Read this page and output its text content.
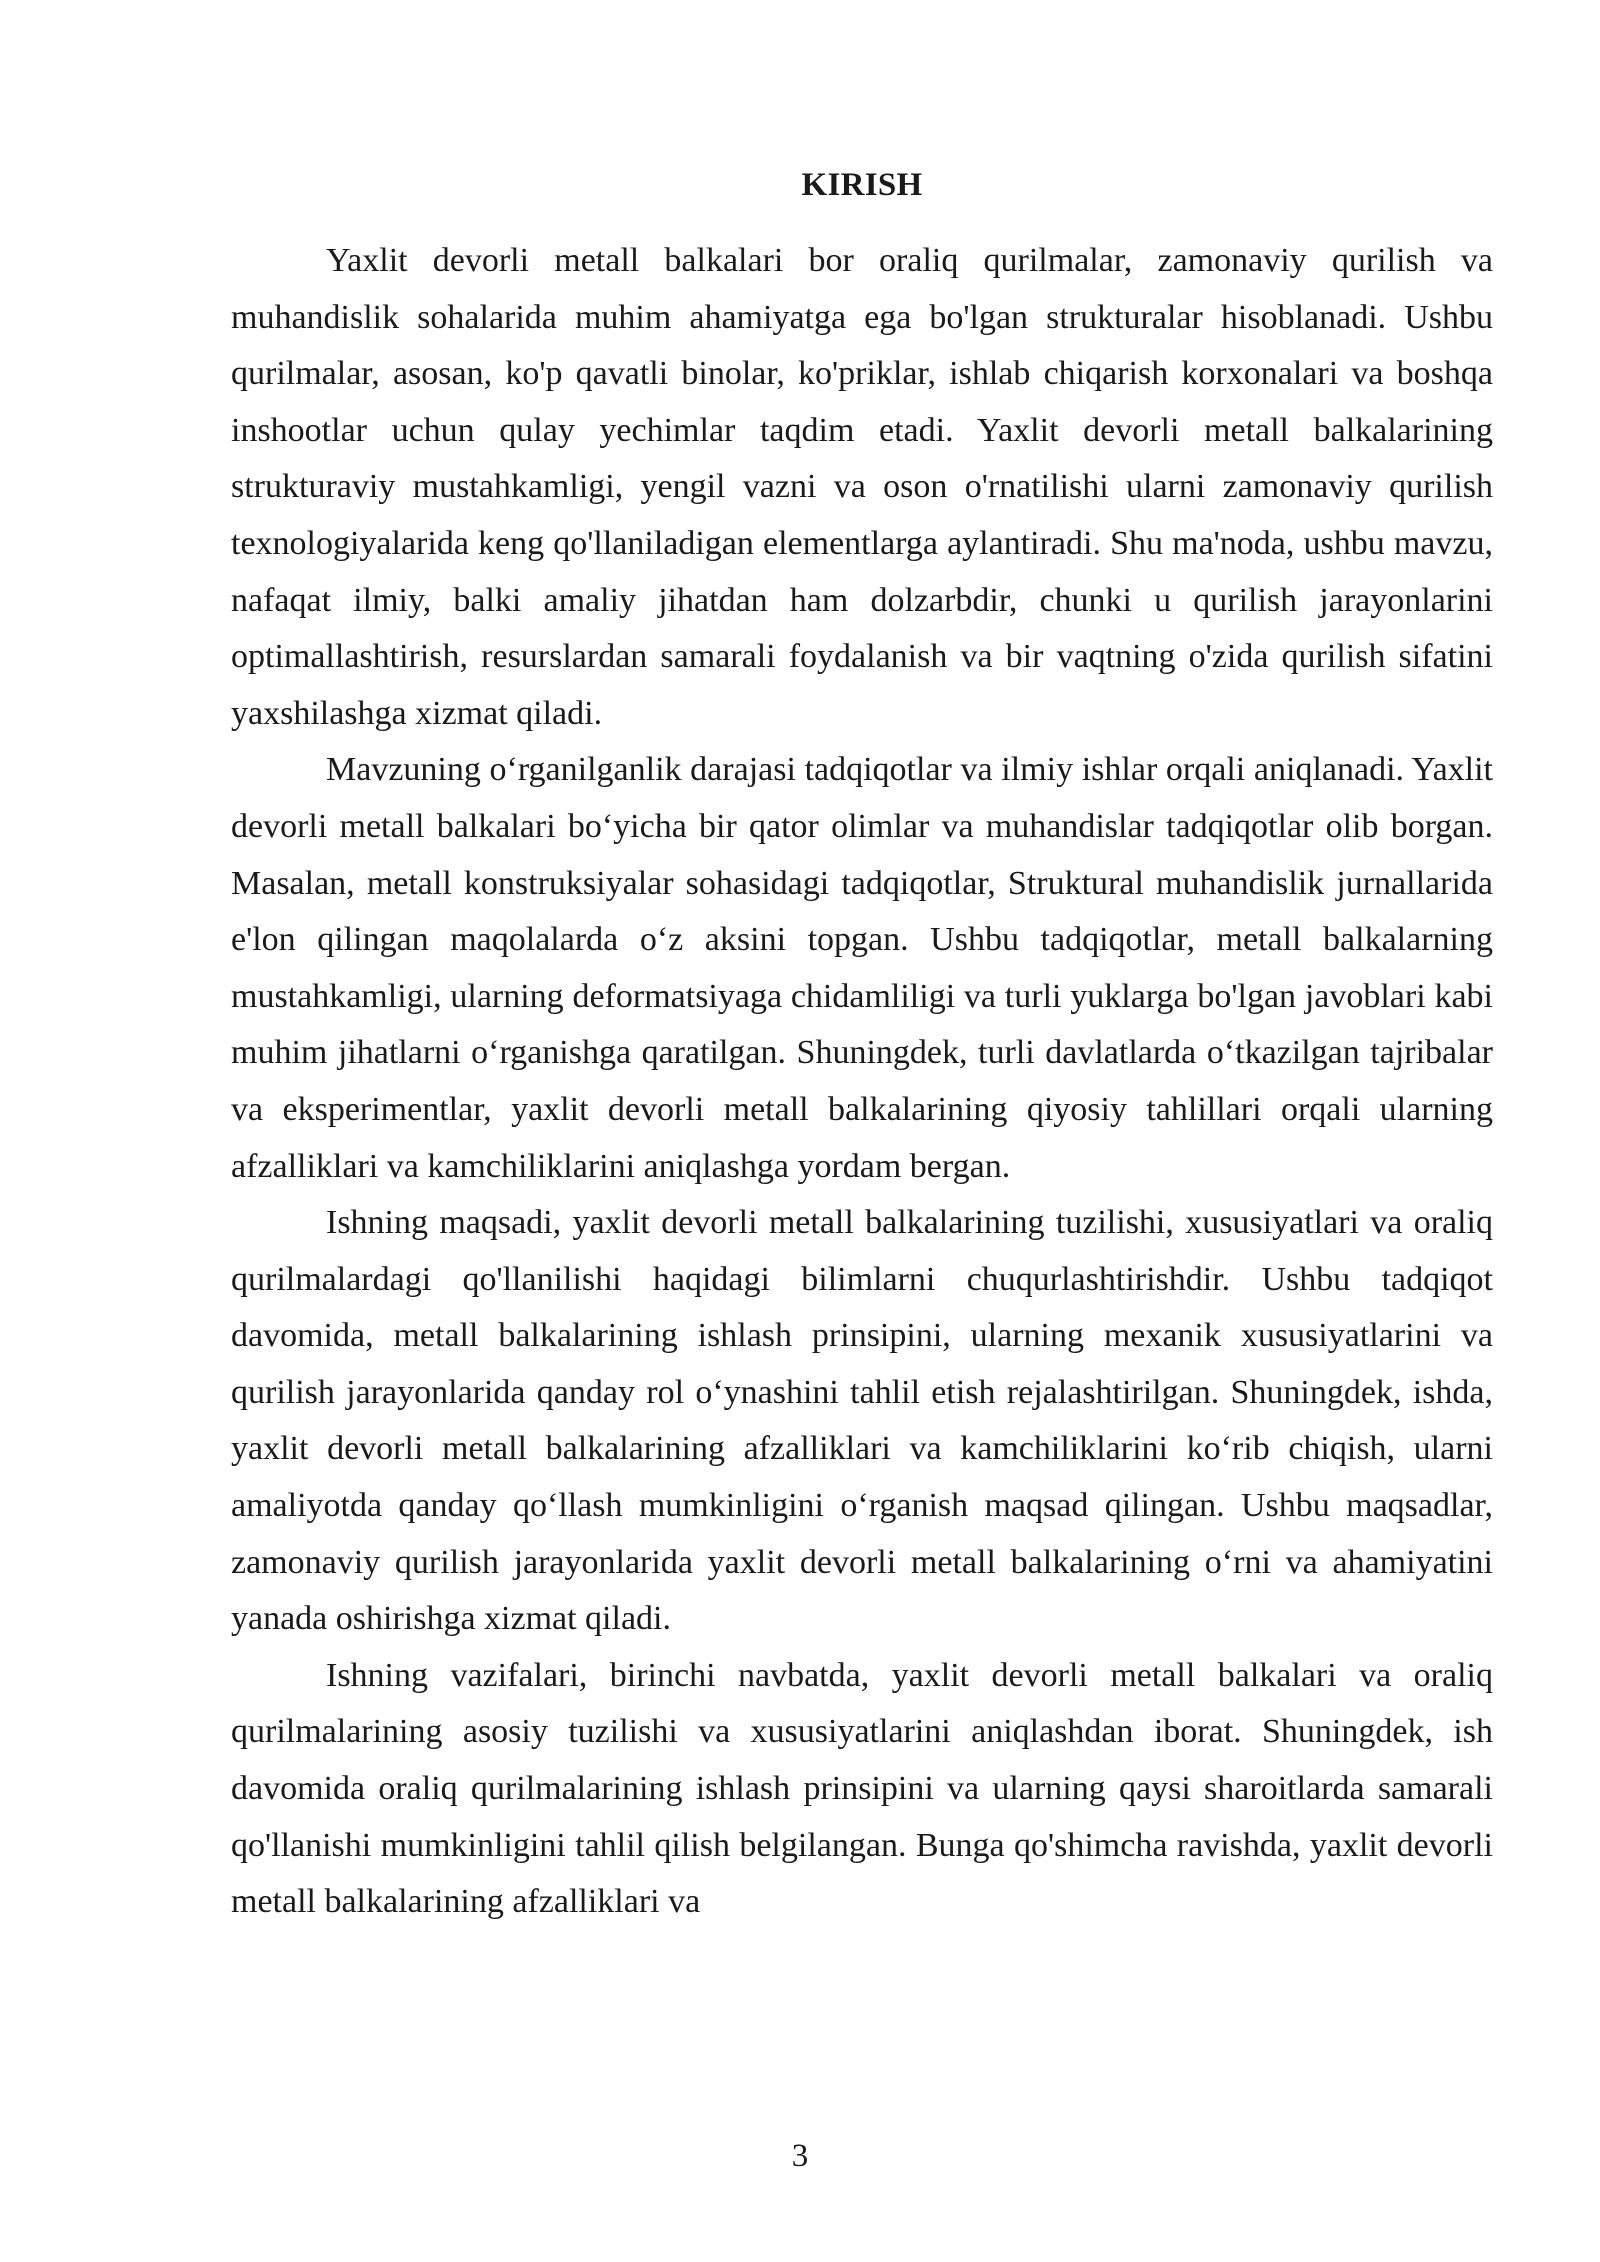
KIRISH

Yaxlit devorli metall balkalari bor oraliq qurilmalar, zamonaviy qurilish va muhandislik sohalarida muhim ahamiyatga ega bo'lgan strukturalar hisoblanadi. Ushbu qurilmalar, asosan, ko'p qavatli binolar, ko'priklar, ishlab chiqarish korxonalari va boshqa inshootlar uchun qulay yechimlar taqdim etadi. Yaxlit devorli metall balkalarining strukturaviy mustahkamligi, yengil vazni va oson o'rnatilishi ularni zamonaviy qurilish texnologiyalarida keng qo'llaniladigan elementlarga aylantiradi. Shu ma'noda, ushbu mavzu, nafaqat ilmiy, balki amaliy jihatdan ham dolzarbdir, chunki u qurilish jarayonlarini optimallashtirish, resurslardan samarali foydalanish va bir vaqtning o'zida qurilish sifatini yaxshilashga xizmat qiladi.

Mavzuning o‘rganilganlik darajasi tadqiqotlar va ilmiy ishlar orqali aniqlanadi. Yaxlit devorli metall balkalari bo‘yicha bir qator olimlar va muhandislar tadqiqotlar olib borgan. Masalan, metall konstruksiyalar sohasidagi tadqiqotlar, Struktural muhandislik jurnallarida e'lon qilingan maqolalarda o‘z aksini topgan. Ushbu tadqiqotlar, metall balkalarning mustahkamligi, ularning deformatsiyaga chidamliligi va turli yuklarga bo'lgan javoblari kabi muhim jihatlarni o‘rganishga qaratilgan. Shuningdek, turli davlatlarda o‘tkazilgan tajribalar va eksperimentlar, yaxlit devorli metall balkalarining qiyosiy tahlillari orqali ularning afzalliklari va kamchiliklarini aniqlashga yordam bergan.

Ishning maqsadi, yaxlit devorli metall balkalarining tuzilishi, xususiyatlari va oraliq qurilmalardagi qo'llanilishi haqidagi bilimlarni chuqurlashtirishdir. Ushbu tadqiqot davomida, metall balkalarining ishlash prinsipini, ularning mexanik xususiyatlarini va qurilish jarayonlarida qanday rol o‘ynashini tahlil etish rejalashtirilgan. Shuningdek, ishda, yaxlit devorli metall balkalarining afzalliklari va kamchiliklarini ko‘rib chiqish, ularni amaliyotda qanday qo‘llash mumkinligini o‘rganish maqsad qilingan. Ushbu maqsadlar, zamonaviy qurilish jarayonlarida yaxlit devorli metall balkalarining o‘rni va ahamiyatini yanada oshirishga xizmat qiladi.

Ishning vazifalari, birinchi navbatda, yaxlit devorli metall balkalari va oraliq qurilmalarining asosiy tuzilishi va xususiyatlarini aniqlashdan iborat. Shuningdek, ish davomida oraliq qurilmalarining ishlash prinsipini va ularning qaysi sharoitlarda samarali qo'llanishi mumkinligini tahlil qilish belgilangan. Bunga qo'shimcha ravishda, yaxlit devorli metall balkalarining afzalliklari va

3
